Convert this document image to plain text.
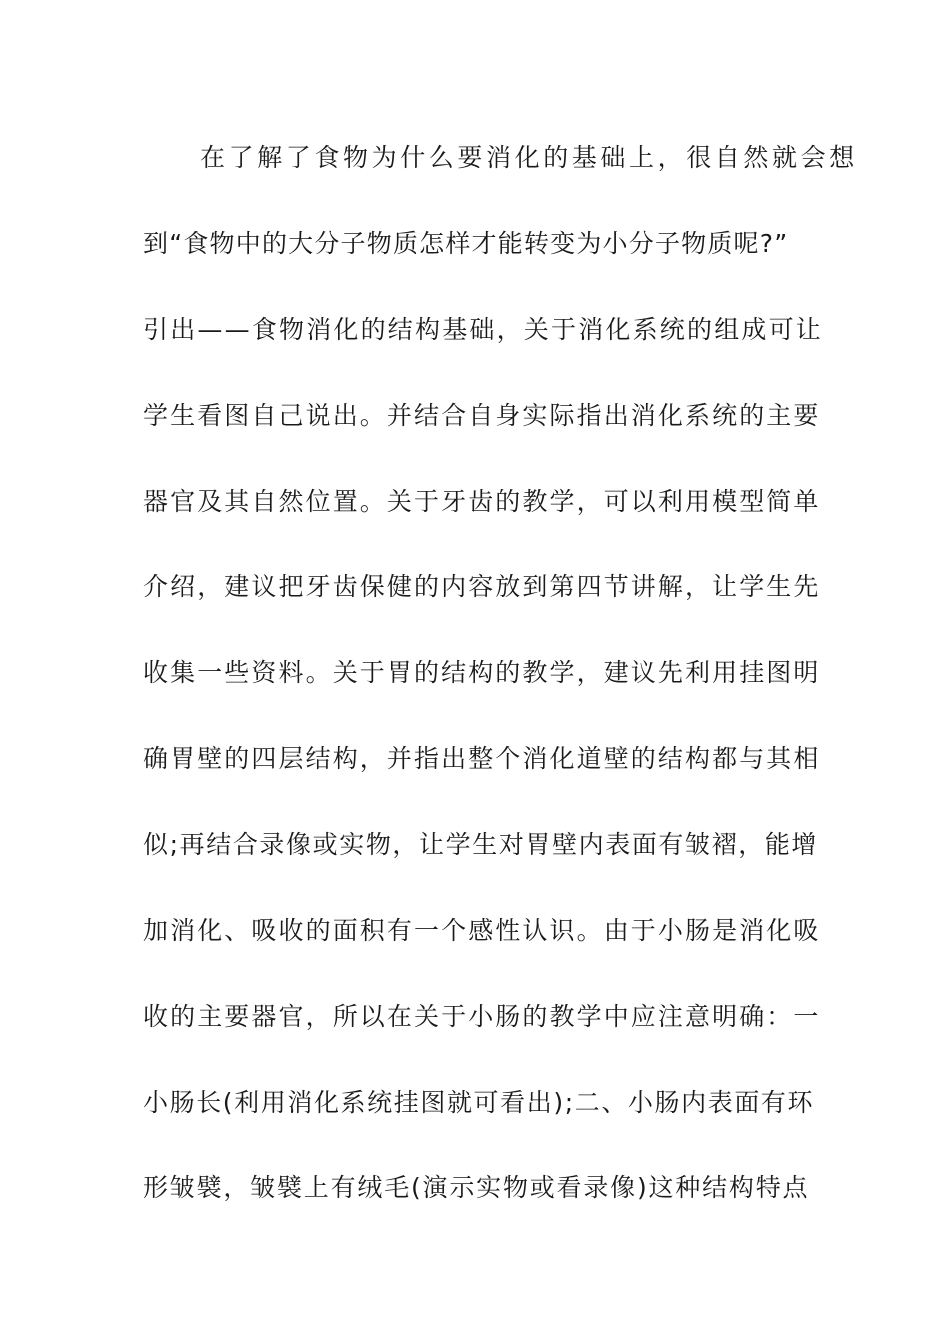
在了解了食物为什么要消化的基础上，很自然就会想
到“食物中的大分子物质怎样才能转变为小分子物质呢?”
引出——食物消化的结构基础，关于消化系统的组成可让
学生看图自己说出。并结合自身实际指出消化系统的主要
器官及其自然位置。关于牙齿的教学，可以利用模型简单
介绍，建议把牙齿保健的内容放到第四节讲解，让学生先
收集一些资料。关于胃的结构的教学，建议先利用挂图明
确胃壁的四层结构，并指出整个消化道壁的结构都与其相
似;再结合录像或实物，让学生对胃壁内表面有皱褶，能增
加消化、吸收的面积有一个感性认识。由于小肠是消化吸
收的主要器官，所以在关于小肠的教学中应注意明确：一
小肠长(利用消化系统挂图就可看出);二、小肠内表面有环
形皱襞，皱襞上有绒毛(演示实物或看录像)这种结构特点
